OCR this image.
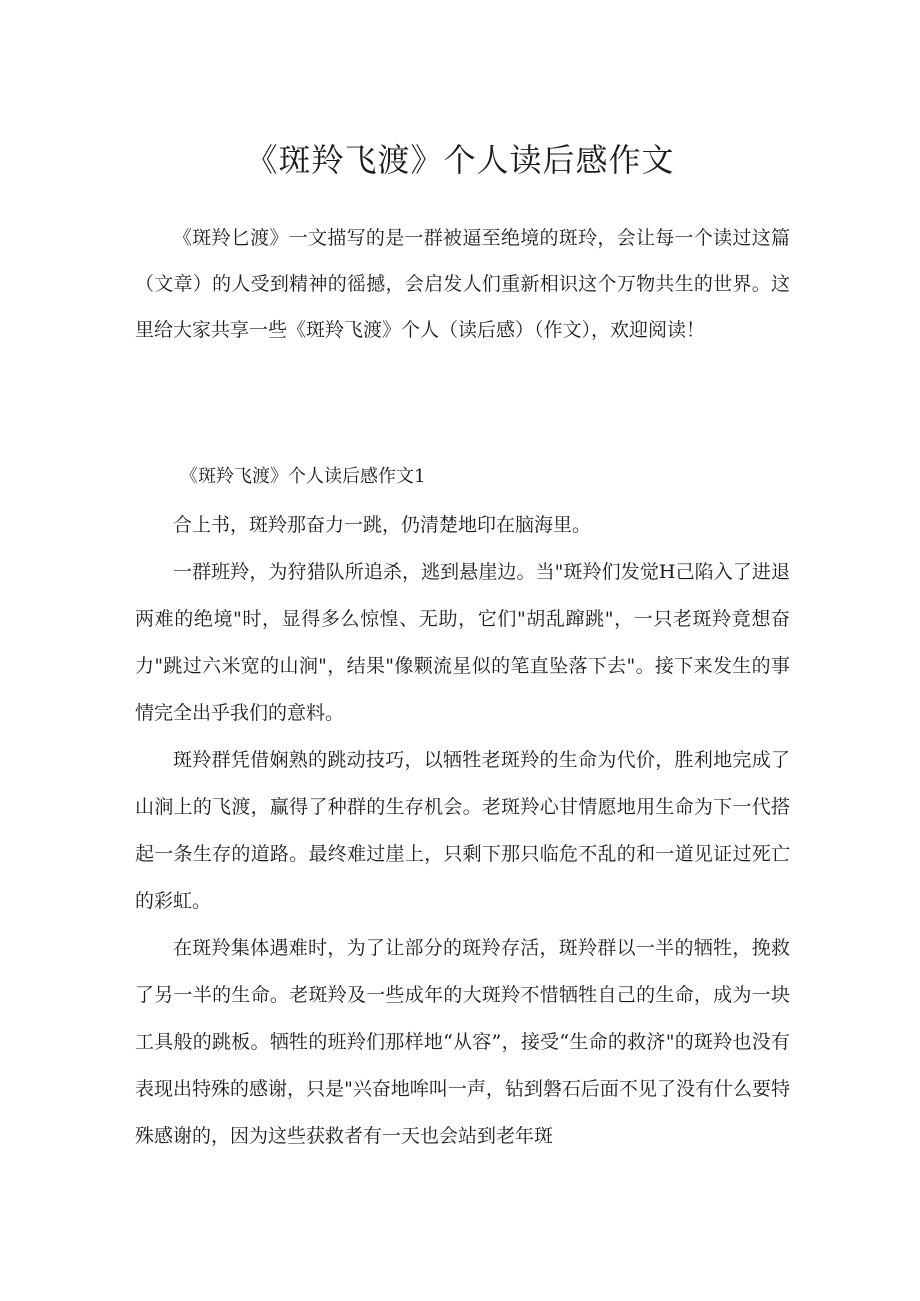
《斑羚飞渡》个人读后感作文

《斑羚匕渡》一文描写的是一群被逼至绝境的斑玲，会让每一个读过这篇（文章）的人受到精神的徭撼，会启发人们重新相识这个万物共生的世界。这里给大家共享一些《斑羚飞渡》个人（读后感）（作文），欢迎阅读！

《斑羚飞渡》个人读后感作文1

合上书，斑羚那奋力一跳，仍清楚地印在脑海里。

一群班羚，为狩猎队所追杀，逃到悬崖边。当"斑羚们发觉H己陷入了进退两难的绝境"时，显得多么惊惶、无助，它们"胡乱蹿跳"，一只老斑羚竟想奋力"跳过六米宽的山涧"，结果"像颗流星似的笔直坠落下去"。接下来发生的事情完全出乎我们的意料。

斑羚群凭借娴熟的跳动技巧，以牺牲老斑羚的生命为代价，胜利地完成了山涧上的飞渡，赢得了种群的生存机会。老斑羚心甘情愿地用生命为下一代搭起一条生存的道路。最终难过崖上，只剩下那只临危不乱的和一道见证过死亡的彩虹。

在斑羚集体遇难时，为了让部分的斑羚存活，斑羚群以一半的牺牲，挽救了另一半的生命。老斑羚及一些成年的大斑羚不惜牺牲自己的生命，成为一块工具般的跳板。牺牲的班羚们那样地“从容”，接受“生命的救济"的斑羚也没有表现出特殊的感谢，只是"兴奋地哞叫一声，钻到磐石后面不见了没有什么要特殊感谢的，因为这些获救者有一天也会站到老年斑
